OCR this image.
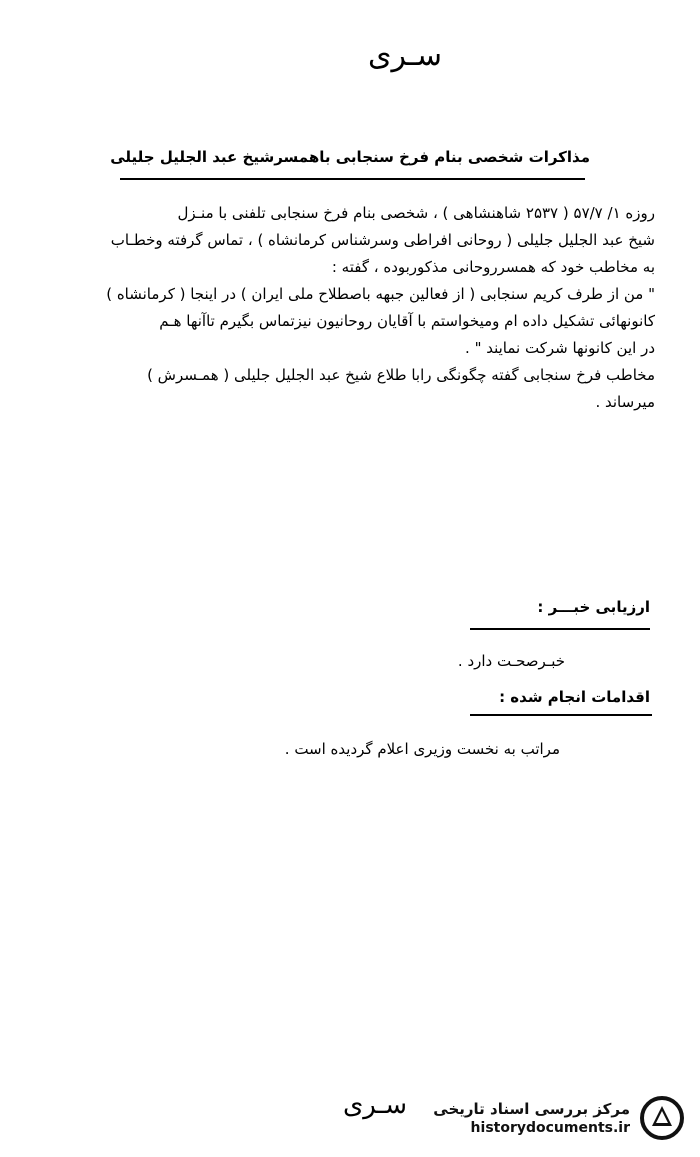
سـرى
مذاكرات شخصى بنام فرخ سنجابى باهمسرشيخ عبد الجليل جليلى

روزه ۱/ ۵۷/۷ ( ۲۵۳۷ شاهنشاهى ) ، شخصى بنام فرخ سنجابى تلفنى با منـزل

شيخ عبد الجليل جليلى ( روحانى افراطى وسرشناس كرمانشاه ) ، تماس گرفته وخطـاب

به مخاطب خود كه همسرروحانى مذكوربوده ، گفته :

" من از طرف كريم سنجابى ( از فعالين جبهه باصطلاح ملى ايران ) در اينجا ( كرمانشاه )

كانونهائى تشكيل داده ام وميخواستم با آقايان روحانيون نيزتماس بگيرم تاآنها هـم

در اين كانونها شركت نمايند " .

مخاطب فرخ سنجابى گفته چگونگى رابا طلاع شيخ عبد الجليل جليلى ( همـسرش )

ميرساند .

ارزيابى خبـــر :
خبـرصحـت دارد .
اقدامات انجام شده :
مراتب به نخست وزيرى اعلام گرديده است .
سـرى	مركز بررسى اسناد تاريخى
historydocuments.ir
